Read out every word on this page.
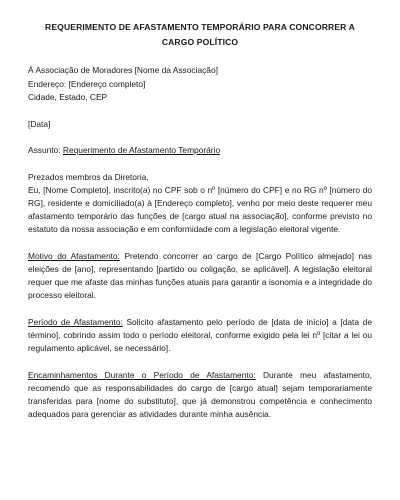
REQUERIMENTO DE AFASTAMENTO TEMPORÁRIO PARA CONCORRER A CARGO POLÍTICO
À Associação de Moradores [Nome da Associação]
Endereço: [Endereço completo]
Cidade, Estado, CEP
[Data]
Assunto: Requerimento de Afastamento Temporário
Prezados membros da Diretoria,

Eu, [Nome Completo], inscrito(a) no CPF sob o nº [número do CPF] e no RG nº [número do RG], residente e domiciliado(a) à [Endereço completo], venho por meio deste requerer meu afastamento temporário das funções de [cargo atual na associação], conforme previsto no estatuto da nossa associação e em conformidade com a legislação eleitoral vigente.

Motivo do Afastamento: Pretendo concorrer ao cargo de [Cargo Político almejado] nas eleições de [ano], representando [partido ou coligação, se aplicável]. A legislação eleitoral requer que me afaste das minhas funções atuais para garantir a isonomia e a integridade do processo eleitoral.

Período de Afastamento: Solicito afastamento pelo período de [data de início] a [data de término], cobrindo assim todo o período eleitoral, conforme exigido pela lei nº [citar a lei ou regulamento aplicável, se necessário].

Encaminhamentos Durante o Período de Afastamento: Durante meu afastamento, recomendo que as responsabilidades do cargo de [cargo atual] sejam temporariamente transferidas para [nome do substituto], que já demonstrou competência e conhecimento adequados para gerenciar as atividades durante minha ausência.
